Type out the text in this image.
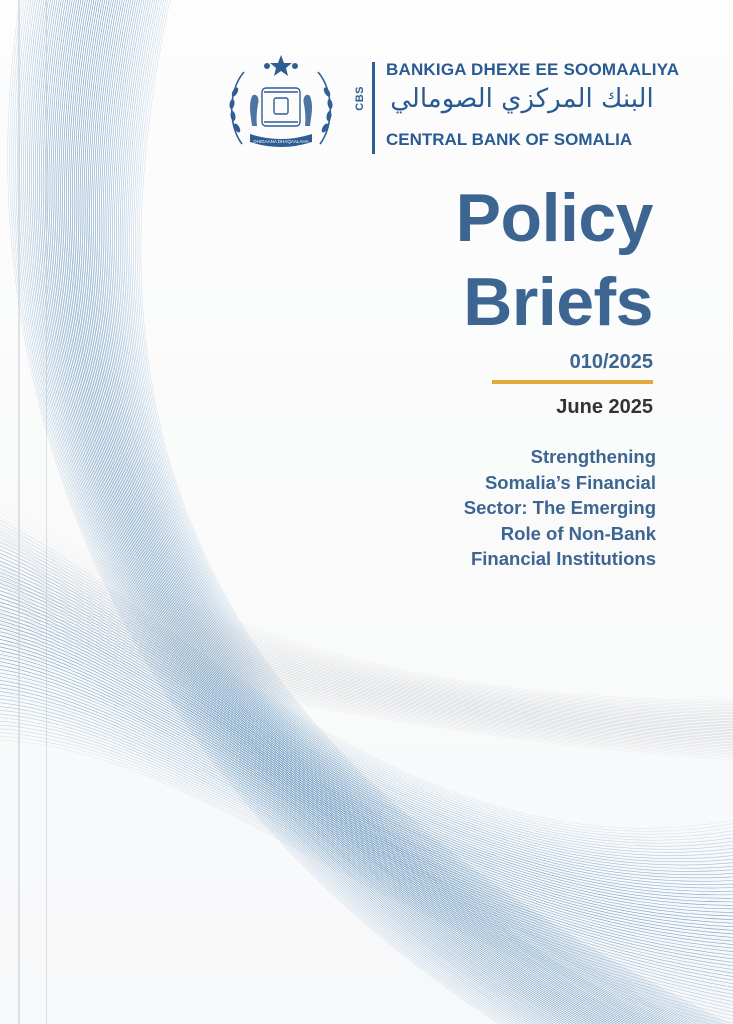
DHIGAANA DHAQAALAHA
CBS
BANKIGA DHEXE EE SOOMAALIYA
البنك المركزي الصومالي
CENTRAL BANK OF SOMALIA
Policy
Briefs
010/2025
June 2025
Strengthening
Somalia’s Financial
Sector: The Emerging
Role of Non-Bank
Financial Institutions
